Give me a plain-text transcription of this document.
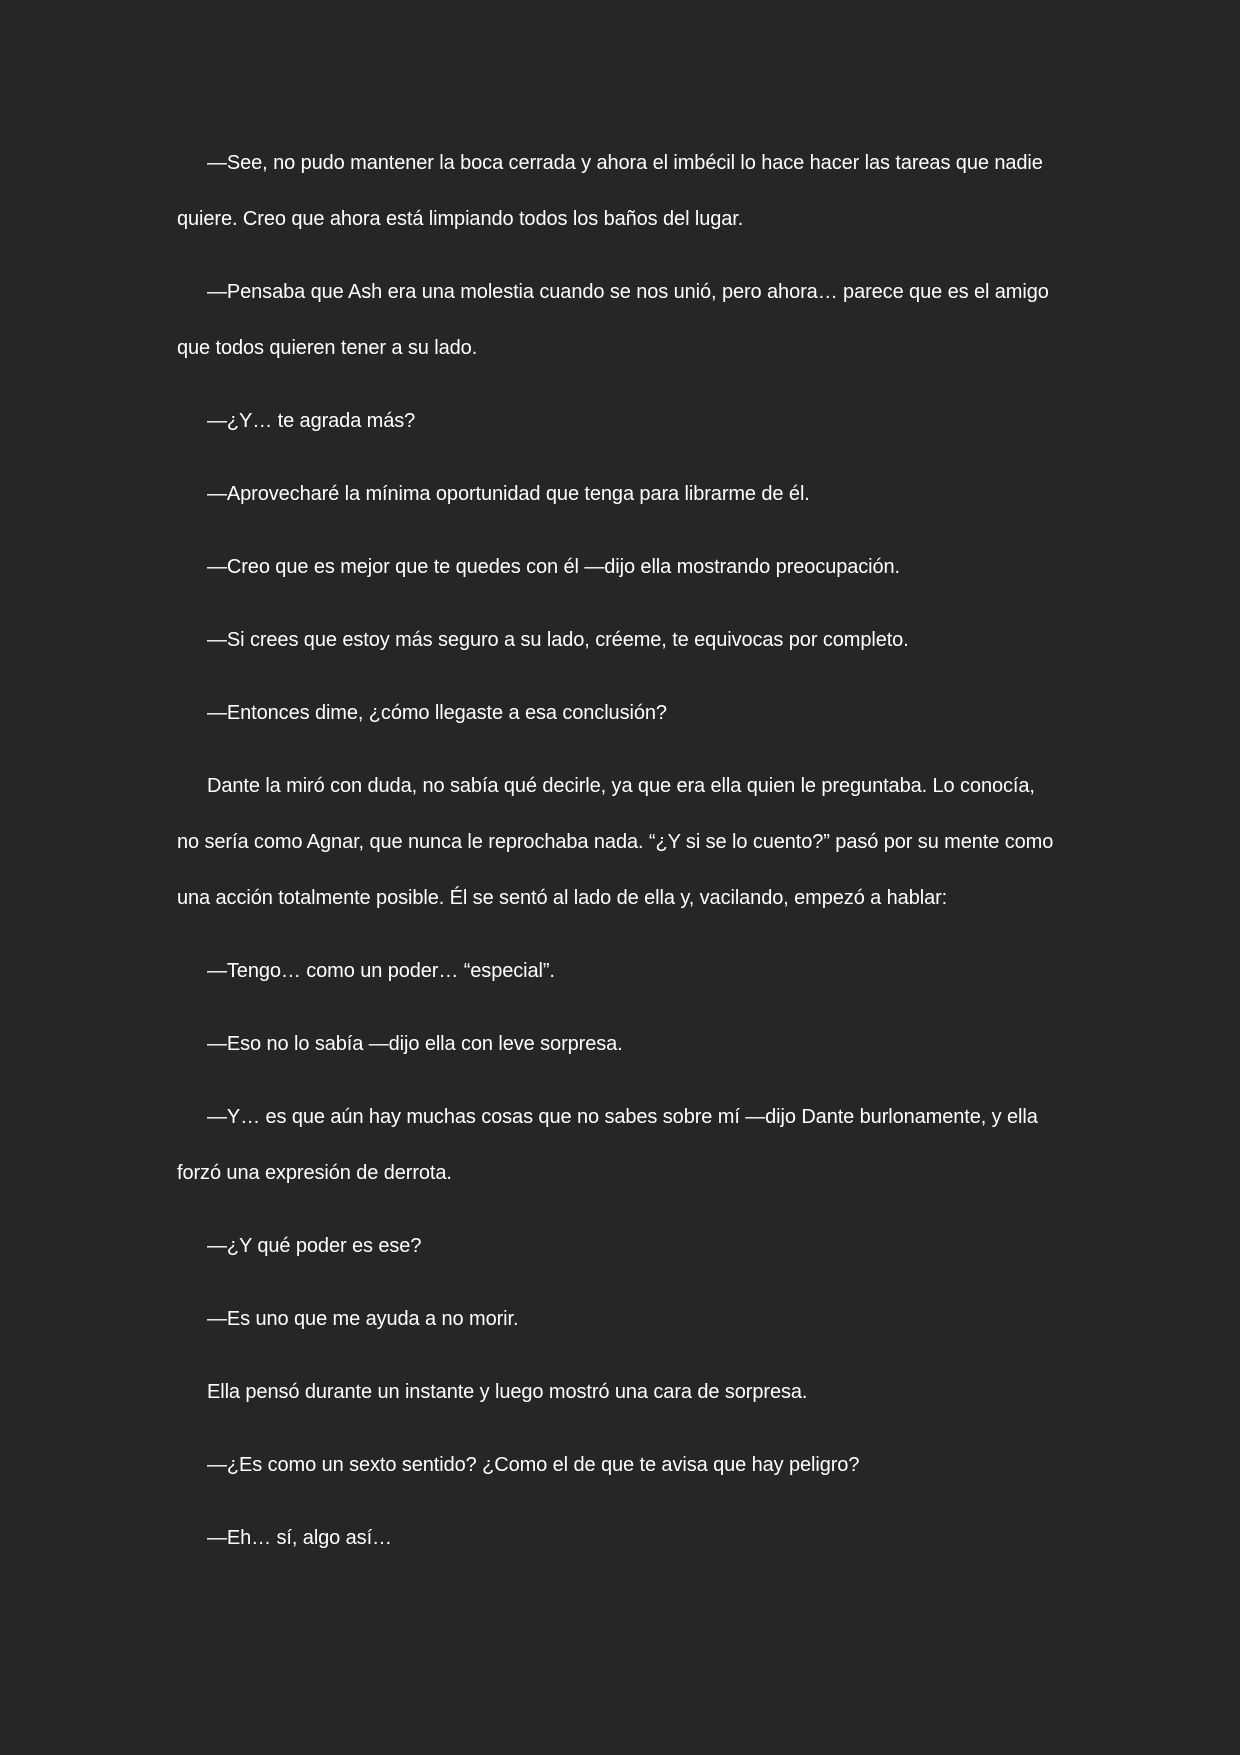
—See, no pudo mantener la boca cerrada y ahora el imbécil lo hace hacer las tareas que nadie quiere. Creo que ahora está limpiando todos los baños del lugar.

—Pensaba que Ash era una molestia cuando se nos unió, pero ahora… parece que es el amigo que todos quieren tener a su lado.

—¿Y… te agrada más?

—Aprovecharé la mínima oportunidad que tenga para librarme de él.

—Creo que es mejor que te quedes con él —dijo ella mostrando preocupación.

—Si crees que estoy más seguro a su lado, créeme, te equivocas por completo.

—Entonces dime, ¿cómo llegaste a esa conclusión?

Dante la miró con duda, no sabía qué decirle, ya que era ella quien le preguntaba. Lo conocía, no sería como Agnar, que nunca le reprochaba nada. “¿Y si se lo cuento?” pasó por su mente como una acción totalmente posible. Él se sentó al lado de ella y, vacilando, empezó a hablar:

—Tengo… como un poder… “especial”.

—Eso no lo sabía —dijo ella con leve sorpresa.

—Y… es que aún hay muchas cosas que no sabes sobre mí —dijo Dante burlonamente, y ella forzó una expresión de derrota.

—¿Y qué poder es ese?

—Es uno que me ayuda a no morir.

Ella pensó durante un instante y luego mostró una cara de sorpresa.

—¿Es como un sexto sentido? ¿Como el de que te avisa que hay peligro?

—Eh… sí, algo así…
